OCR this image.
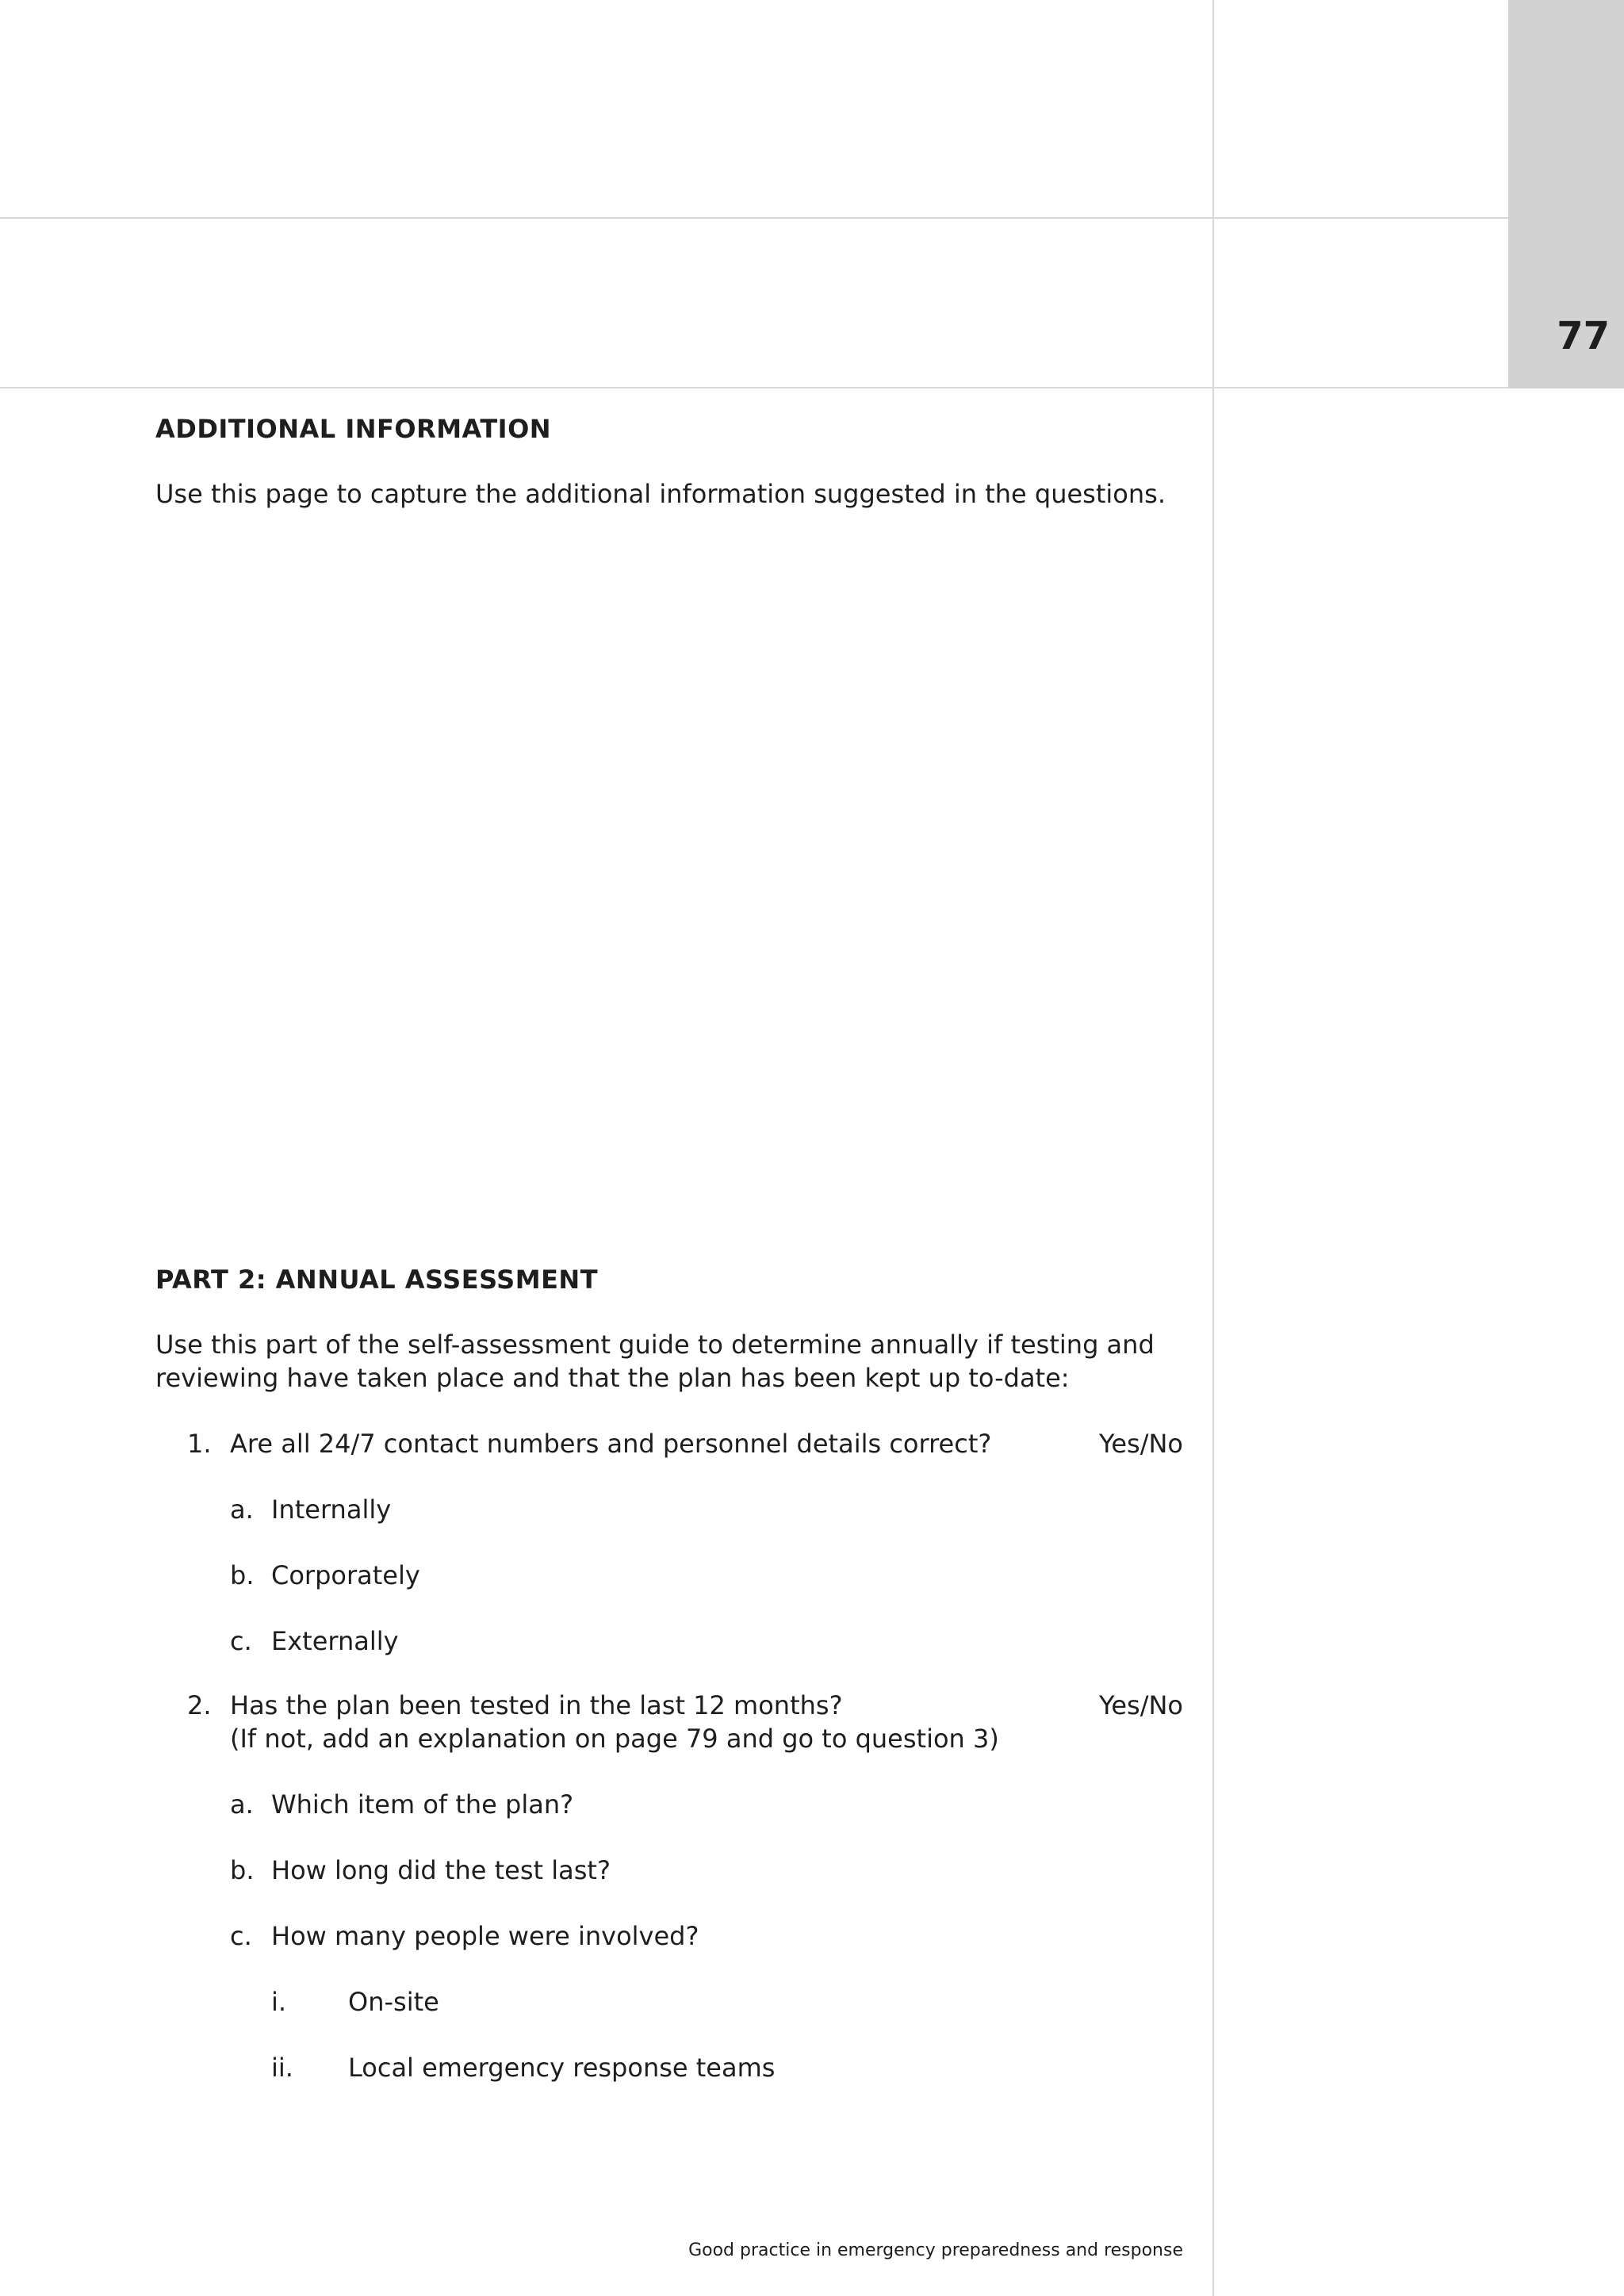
77
ADDITIONAL INFORMATION
Use this page to capture the additional information suggested in the questions.
PART 2: ANNUAL ASSESSMENT
Use this part of the self-assessment guide to determine annually if testing and
reviewing have taken place and that the plan has been kept up to-date:
1. Are all 24/7 contact numbers and personnel details correct?	Yes/No
a. Internally
b. Corporately
c. Externally
2. Has the plan been tested in the last 12 months?	Yes/No
(If not, add an explanation on page 79 and go to question 3)
a. Which item of the plan?
b. How long did the test last?
c. How many people were involved?
i. On-site
ii. Local emergency response teams
Good practice in emergency preparedness and response
